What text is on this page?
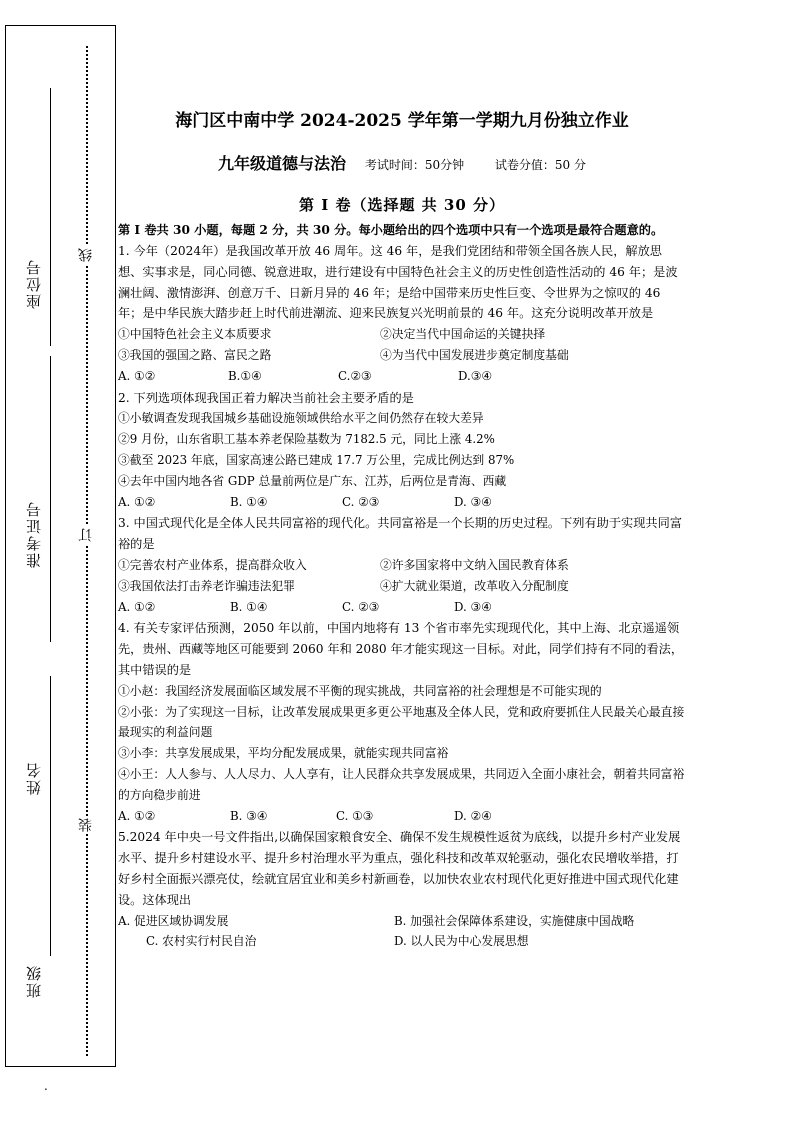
座位号
准考证号
姓名
班级
线
订
装
.
海门区中南中学 2024-2025 学年第一学期九月份独立作业
九年级道德与法治 考试时间：50分钟	试卷分值：50 分
第 I 卷（选择题 共 30 分）
第 I 卷共 30 小题，每题 2 分，共 30 分。每小题给出的四个选项中只有一个选项是最符合题意的。
1. 今年（2024年）是我国改革开放 46 周年。这 46 年，是我们党团结和带领全国各族人民，解放思想、实事求是，同心同德、锐意进取，进行建设有中国特色社会主义的历史性创造性活动的 46 年；是波澜壮阔、激情澎湃、创意万千、日新月异的 46 年；是给中国带来历史性巨变、令世界为之惊叹的 46 年；是中华民族大踏步赶上时代前进潮流、迎来民族复兴光明前景的 46 年。这充分说明改革开放是
①中国特色社会主义本质要求	②决定当代中国命运的关键抉择
③我国的强国之路、富民之路	④为当代中国发展进步奠定制度基础
A. ①②	B.①④	C.②③	D.③④
2. 下列选项体现我国正着力解决当前社会主要矛盾的是
①小敏调查发现我国城乡基础设施领域供给水平之间仍然存在较大差异
②9 月份，山东省职工基本养老保险基数为 7182.5 元，同比上涨 4.2%
③截至 2023 年底，国家高速公路已建成 17.7 万公里，完成比例达到 87%
④去年中国内地各省 GDP 总量前两位是广东、江苏，后两位是青海、西藏
A. ①②	B. ①④	C. ②③	D. ③④
3. 中国式现代化是全体人民共同富裕的现代化。共同富裕是一个长期的历史过程。下列有助于实现共同富裕的是
①完善农村产业体系，提高群众收入	②许多国家将中文纳入国民教育体系
③我国依法打击养老诈骗违法犯罪	④扩大就业渠道，改革收入分配制度
A. ①②	B. ①④	C. ②③	D. ③④
4. 有关专家评估预测，2050 年以前，中国内地将有 13 个省市率先实现现代化，其中上海、北京遥遥领先，贵州、西藏等地区可能要到 2060 年和 2080 年才能实现这一目标。对此，同学们持有不同的看法，其中错误的是
①小赵：我国经济发展面临区域发展不平衡的现实挑战，共同富裕的社会理想是不可能实现的
②小张：为了实现这一目标，让改革发展成果更多更公平地惠及全体人民，党和政府要抓住人民最关心最直接最现实的利益问题
③小李：共享发展成果，平均分配发展成果，就能实现共同富裕
④小王：人人参与、人人尽力、人人享有，让人民群众共享发展成果，共同迈入全面小康社会，朝着共同富裕的方向稳步前进
A. ①②	B. ③④	C. ①③	D. ②④
5.2024 年中央一号文件指出,以确保国家粮食安全、确保不发生规模性返贫为底线，以提升乡村产业发展水平、提升乡村建设水平、提升乡村治理水平为重点，强化科技和改革双轮驱动，强化农民增收举措，打好乡村全面振兴漂亮仗，绘就宜居宜业和美乡村新画卷，以加快农业农村现代化更好推进中国式现代化建设。这体现出
A. 促进区域协调发展	B. 加强社会保障体系建设，实施健康中国战略
C. 农村实行村民自治	D. 以人民为中心发展思想
